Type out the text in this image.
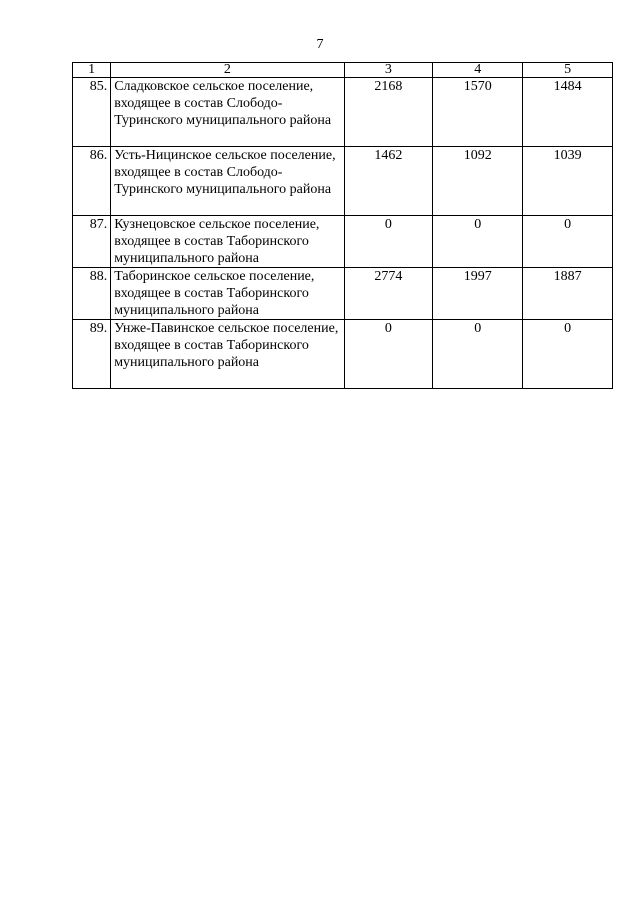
7
1	2	3	4	5
85.	Сладковское сельское поселение, входящее в состав Слободо-Туринского муниципального района	2168	1570	1484
86.	Усть-Ницинское сельское поселение, входящее в состав Слободо-Туринского муниципального района	1462	1092	1039
87.	Кузнецовское сельское поселение, входящее в состав Таборинского муниципального района	0	0	0
88.	Таборинское сельское поселение, входящее в состав Таборинского муниципального района	2774	1997	1887
89.	Унже-Павинское сельское поселение, входящее в состав Таборинского муниципального района	0	0	0
